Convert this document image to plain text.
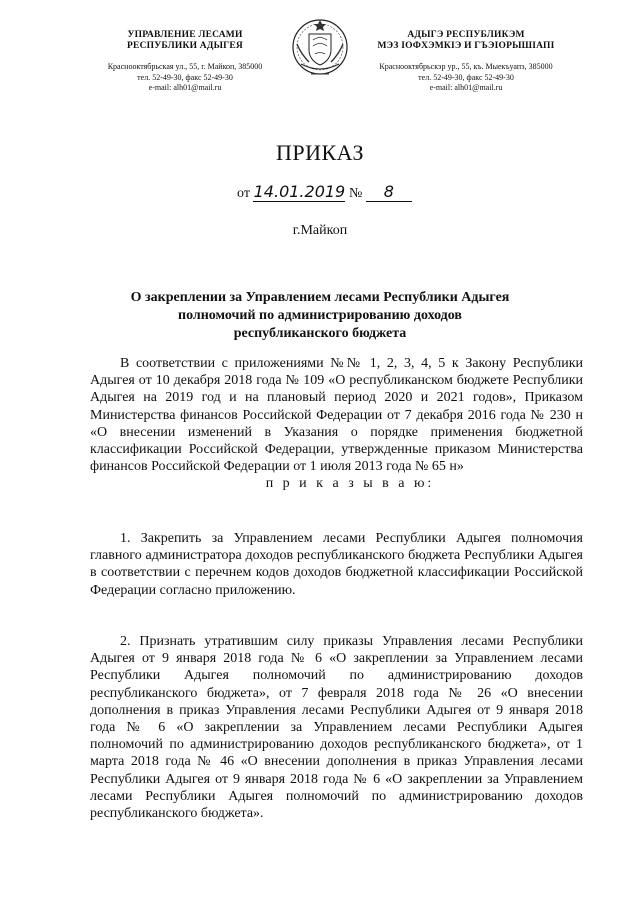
УПРАВЛЕНИЕ ЛЕСАМИ
РЕСПУБЛИКИ АДЫГЕЯ
Краснооктябрьская ул., 55, г. Майкоп, 385000
тел. 52-49-30, факс 52-49-30
e-mail: alh01@mail.ru
АДЫГЭ РЕСПУБЛИКЭМ
МЭЗ ІОФХЭМКІЭ И ГЪЭІОРЫШІАПІ
Краснооктябрьскэр ур., 55, къ. Мыекъуапэ, 385000
тел. 52-49-30, факс 52-49-30
e-mail: alh01@mail.ru
ПРИКАЗ
от 14.01.2019 № 8
г.Майкоп
О закреплении за Управлением лесами Республики Адыгея
полномочий по администрированию доходов
республиканского бюджета
В соответствии с приложениями №№ 1, 2, 3, 4, 5 к Закону Республики Адыгея от 10 декабря 2018 года № 109 «О республиканском бюджете Республики Адыгея на 2019 год и на плановый период 2020 и 2021 годов», Приказом Министерства финансов Российской Федерации от 7 декабря 2016 года № 230 н «О внесении изменений в Указания о порядке применения бюджетной классификации Российской Федерации, утвержденные приказом Министерства финансов Российской Федерации от 1 июля 2013 года № 65 н»
п р и к а з ы в а ю:
1. Закрепить за Управлением лесами Республики Адыгея полномочия главного администратора доходов республиканского бюджета Республики Адыгея в соответствии с перечнем кодов доходов бюджетной классификации Российской Федерации согласно приложению.
2. Признать утратившим силу приказы Управления лесами Республики Адыгея от 9 января 2018 года № 6 «О закреплении за Управлением лесами Республики Адыгея полномочий по администрированию доходов республиканского бюджета», от 7 февраля 2018 года № 26 «О внесении дополнения в приказ Управления лесами Республики Адыгея от 9 января 2018 года № 6 «О закреплении за Управлением лесами Республики Адыгея полномочий по администрированию доходов республиканского бюджета», от 1 марта 2018 года № 46 «О внесении дополнения в приказ Управления лесами Республики Адыгея от 9 января 2018 года № 6 «О закреплении за Управлением лесами Республики Адыгея полномочий по администрированию доходов республиканского бюджета».
